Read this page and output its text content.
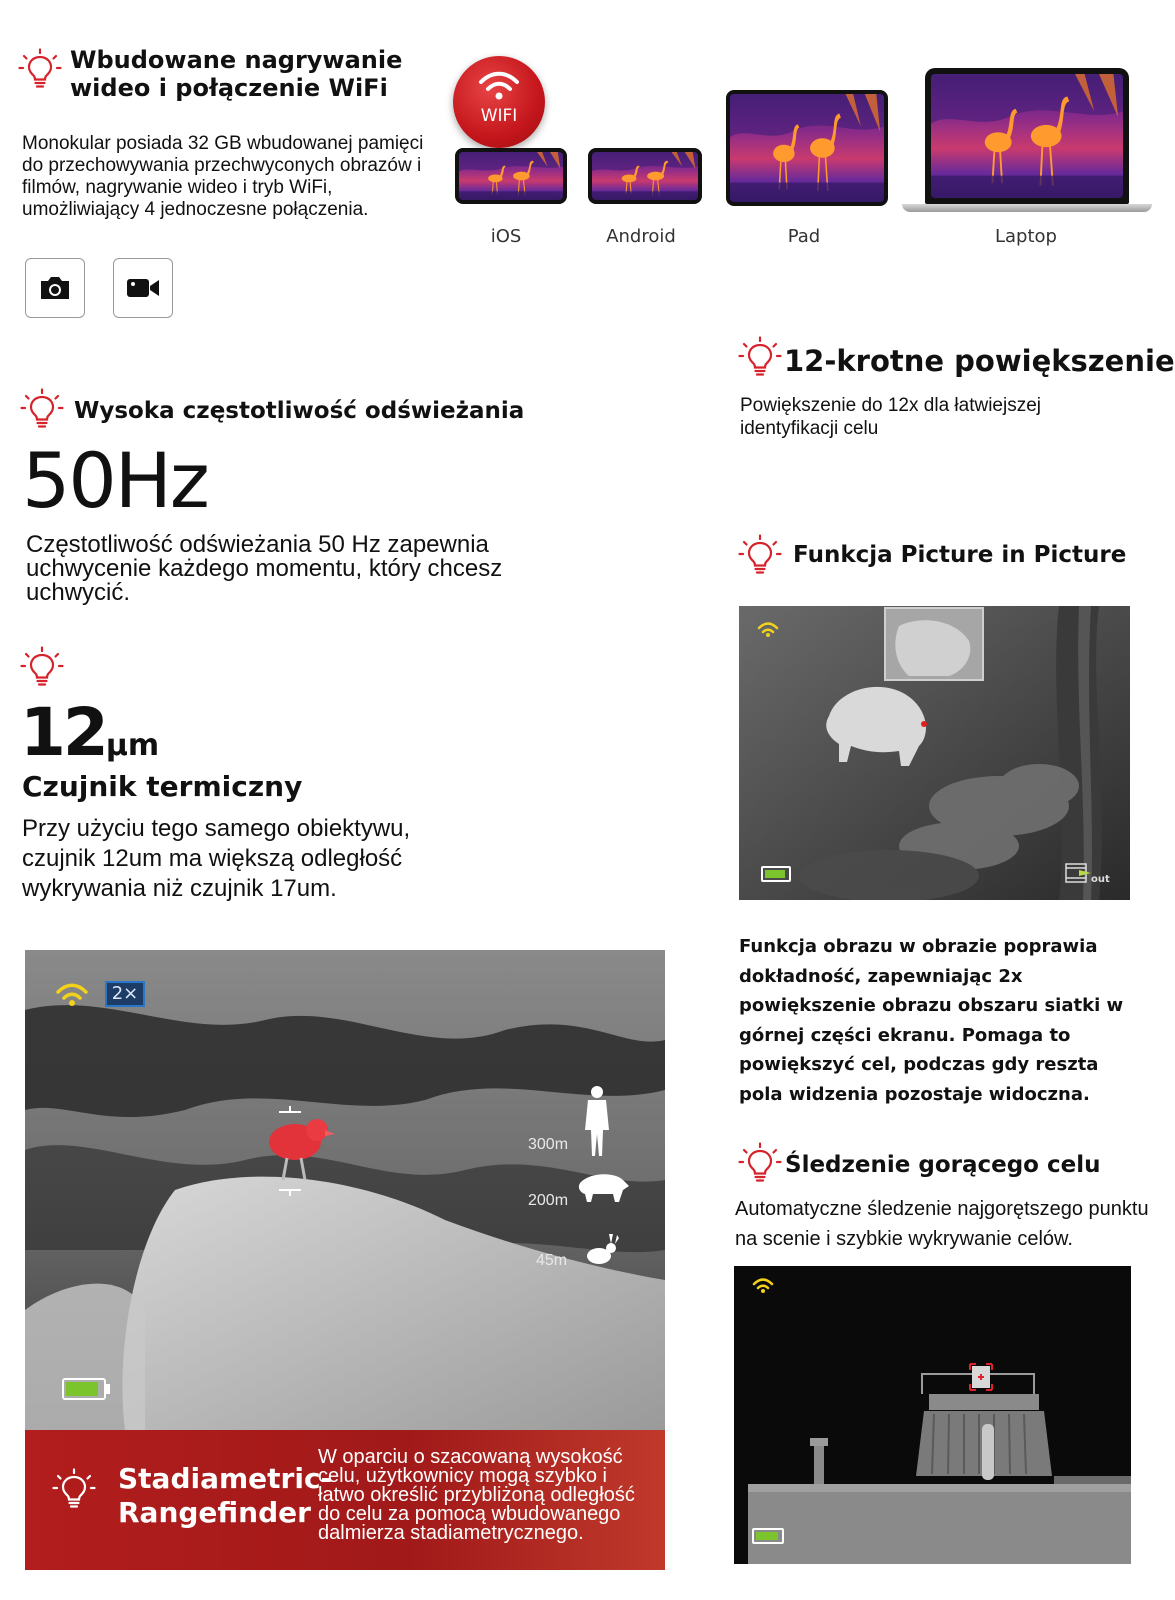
Wbudowane nagrywanie wideo i połączenie WiFi
Monokular posiada 32 GB wbudowanej pamięci do przechowywania przechwyconych obrazów i filmów, nagrywanie wideo i tryb WiFi, umożliwiający 4 jednoczesne połączenia.
WIFI
iOS	Android	Pad	Laptop
Wysoka częstotliwość odświeżania
50Hz
Częstotliwość odświeżania 50 Hz zapewnia uchwycenie każdego momentu, który chcesz uchwycić.
12μm
Czujnik termiczny
Przy użyciu tego samego obiektywu, czujnik 12um ma większą odległość wykrywania niż czujnik 17um.
2×
300m
200m
45m
Stadiametric-Rangefinder
W oparciu o szacowaną wysokość celu, użytkownicy mogą szybko i łatwo określić przybliżoną odległość do celu za pomocą wbudowanego dalmierza stadiametrycznego.
12-krotne powiększenie
Powiększenie do 12x dla łatwiejszej identyfikacji celu
Funkcja Picture in Picture
out
Funkcja obrazu w obrazie poprawia dokładność, zapewniając 2x powiększenie obrazu obszaru siatki w górnej części ekranu. Pomaga to powiększyć cel, podczas gdy reszta pola widzenia pozostaje widoczna.
Śledzenie gorącego celu
Automatyczne śledzenie najgorętszego punktu na scenie i szybkie wykrywanie celów.
